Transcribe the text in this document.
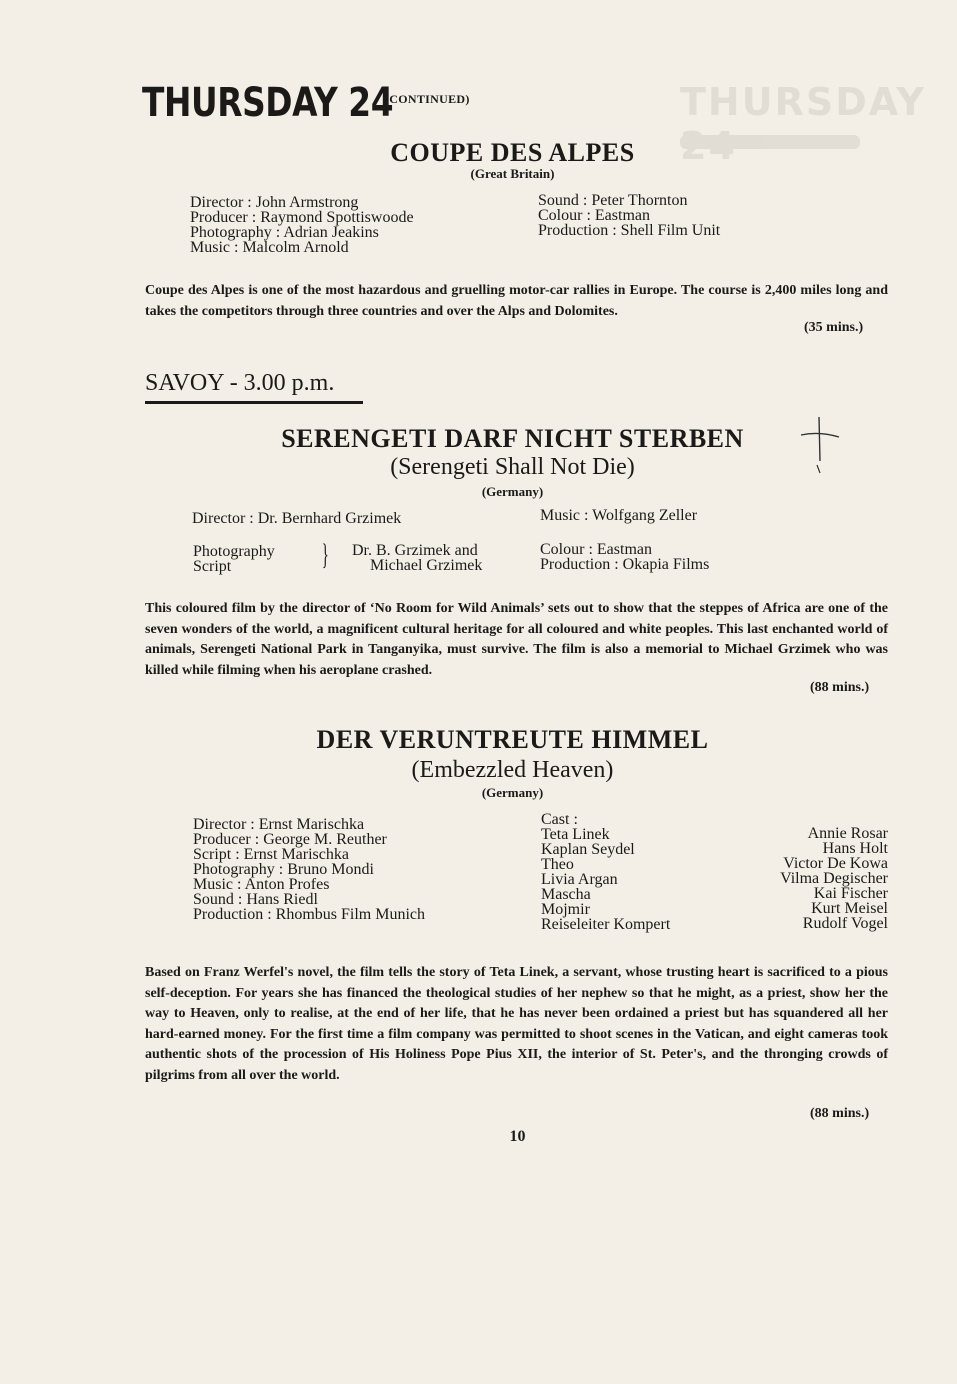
THURSDAY 24
THURSDAY 24
(CONTINUED)
COUPE DES ALPES
(Great Britain)
Director : John Armstrong
Producer : Raymond Spottiswoode
Photography : Adrian Jeakins
Music : Malcolm Arnold
Sound : Peter Thornton
Colour : Eastman
Production : Shell Film Unit
Coupe des Alpes is one of the most hazardous and gruelling motor-car rallies in Europe. The course is 2,400 miles long and takes the competitors through three countries and over the Alps and Dolomites.
(35 mins.)
SAVOY - 3.00 p.m.
SERENGETI DARF NICHT STERBEN
(Serengeti Shall Not Die)
(Germany)
Director : Dr. Bernhard Grzimek	Music : Wolfgang Zeller
Photography
Script	} Dr. B. Grzimek and
Michael Grzimek
Colour : Eastman
Production : Okapia Films
This coloured film by the director of ‘No Room for Wild Animals’ sets out to show that the steppes of Africa are one of the seven wonders of the world, a magnificent cultural heritage for all coloured and white peoples. This last enchanted world of animals, Serengeti National Park in Tanganyika, must survive. The film is also a memorial to Michael Grzimek who was killed while filming when his aeroplane crashed.
(88 mins.)
DER VERUNTREUTE HIMMEL
(Embezzled Heaven)
(Germany)
Director : Ernst Marischka
Producer : George M. Reuther
Script : Ernst Marischka
Photography : Bruno Mondi
Music : Anton Profes
Sound : Hans Riedl
Production : Rhombus Film Munich
Cast :
Teta Linek
Kaplan Seydel
Theo
Livia Argan
Mascha
Mojmir
Reiseleiter Kompert
Annie Rosar
Hans Holt
Victor De Kowa
Vilma Degischer
Kai Fischer
Kurt Meisel
Rudolf Vogel
Based on Franz Werfel's novel, the film tells the story of Teta Linek, a servant, whose trusting heart is sacrificed to a pious self-deception. For years she has financed the theological studies of her nephew so that he might, as a priest, show her the way to Heaven, only to realise, at the end of her life, that he has never been ordained a priest but has squandered all her hard-earned money. For the first time a film company was permitted to shoot scenes in the Vatican, and eight cameras took authentic shots of the procession of His Holiness Pope Pius XII, the interior of St. Peter's, and the thronging crowds of pilgrims from all over the world.
(88 mins.)
10
